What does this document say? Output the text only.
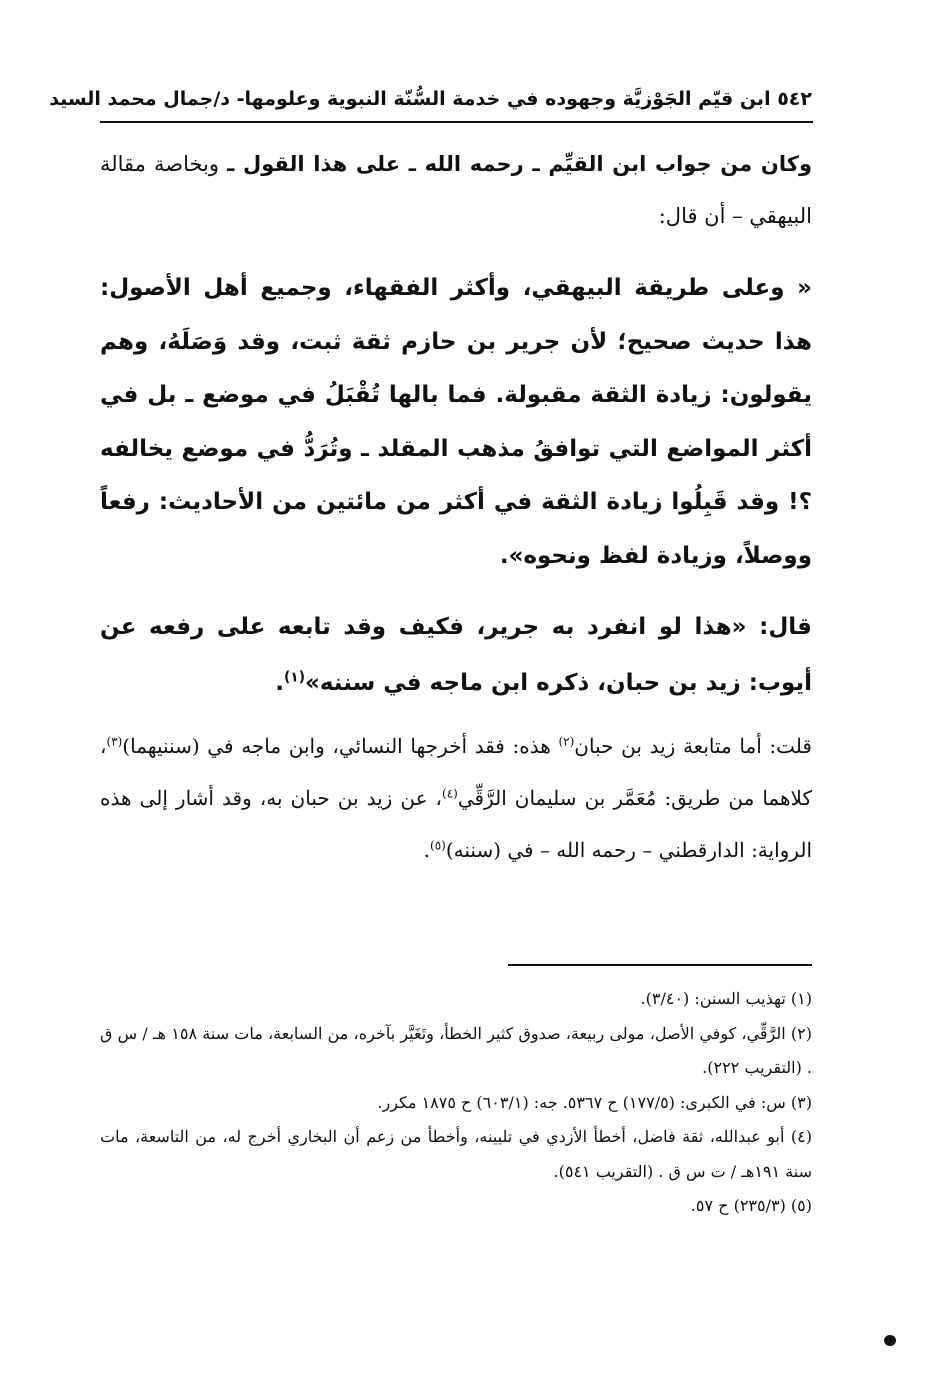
٥٤٢ ابن قيّم الجَوْزيَّة وجهوده في خدمة السُّنّة النبوية وعلومها- د/جمال محمد السيد

وكان من جواب ابن القيِّم ـ رحمه الله ـ على هذا القول ـ وبخاصة مقالة البيهقي – أن قال:

« وعلى طريقة البيهقي، وأكثر الفقهاء، وجميع أهل الأصول: هذا حديث صحيح؛ لأن جرير بن حازم ثقة ثبت، وقد وَصَلَهُ، وهم يقولون: زيادة الثقة مقبولة. فما بالها تُقْبَلُ في موضع ـ بل في أكثر المواضع التي توافقُ مذهب المقلد ـ وتُرَدُّ في موضع يخالفه ؟! وقد قَبِلُوا زيادة الثقة في أكثر من مائتين من الأحاديث: رفعاً ووصلاً، وزيادة لفظ ونحوه».

قال: «هذا لو انفرد به جرير، فكيف وقد تابعه على رفعه عن أيوب: زيد بن حبان، ذكره ابن ماجه في سننه»$^{(١)}$.

قلت: أما متابعة زيد بن حبان$^{(٢)}$ هذه: فقد أخرجها النسائي، وابن ماجه في (سننيهما)$^{(٣)}$، كلاهما من طريق: مُعَمَّر بن سليمان الرَّقِّي$^{(٤)}$، عن زيد بن حبان به، وقد أشار إلى هذه الرواية: الدارقطني – رحمه الله – في (سننه)$^{(٥)}$.

(١) تهذيب السنن: (٣/٤٠).

(٢) الرَّقِّي، كوفي الأصل، مولى ربيعة، صدوق كثير الخطأ، وتَغَيَّر بآخره، من السابعة، مات سنة ١٥٨ هـ / س ق . (التقريب ٢٢٢).

(٣) س: في الكبرى: (١٧٧/٥) ح ٥٣٦٧. جه: (٦٠٣/١) ح ١٨٧٥ مكرر.

(٤) أبو عبدالله، ثقة فاضل، أخطأ الأزدي في تليينه، وأخطأ من زعم أن البخاري أخرج له، من التاسعة، مات سنة ١٩١هـ / ت س ق . (التقريب ٥٤١).

(٥) (٢٣٥/٣) ح ٥٧.
